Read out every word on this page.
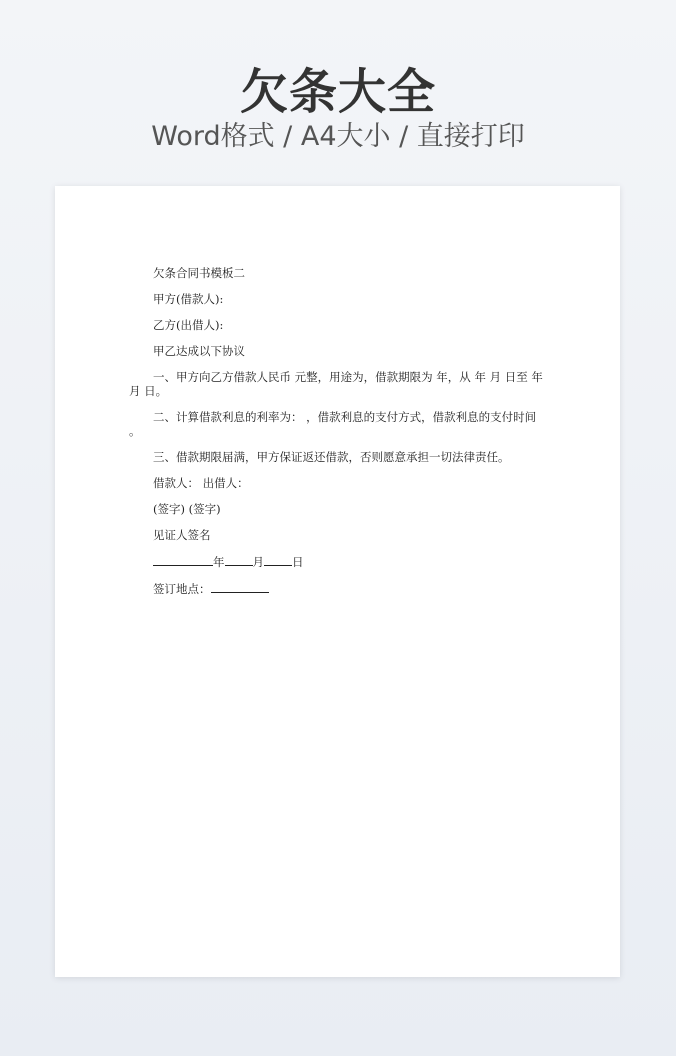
欠条大全
Word格式 / A4大小 / 直接打印

欠条合同书模板二

甲方(借款人):

乙方(出借人):

甲乙达成以下协议

一、甲方向乙方借款人民币 元整，用途为，借款期限为 年，从 年 月 日至 年 月 日。

二、计算借款利息的利率为： ，借款利息的支付方式，借款利息的支付时间 。

三、借款期限届满，甲方保证返还借款，否则愿意承担一切法律责任。

借款人： 出借人：

(签字) (签字)

见证人签名

年 月 日

签订地点：
